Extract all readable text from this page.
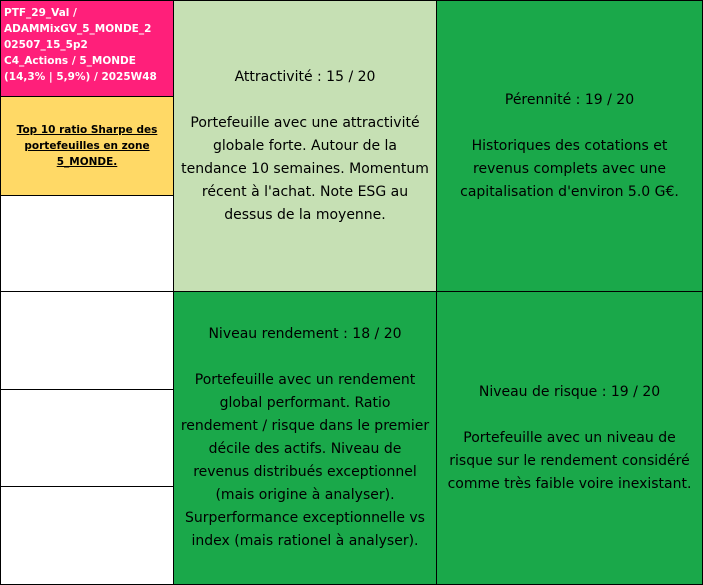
PTF_29_Val /
ADAMMixGV_5_MONDE_2
02507_15_5p2
C4_Actions / 5_MONDE
(14,3% | 5,9%) / 2025W48
Top 10 ratio Sharpe des portefeuilles en zone 5_MONDE.
Attractivité : 15 / 20
Portefeuille avec une attractivité globale forte. Autour de la tendance 10 semaines. Momentum récent à l'achat. Note ESG au dessus de la moyenne.
Pérennité : 19 / 20
Historiques des cotations et revenus complets avec une capitalisation d'environ 5.0 G€.
Niveau rendement : 18 / 20
Portefeuille avec un rendement global performant. Ratio rendement / risque dans le premier décile des actifs. Niveau de revenus distribués exceptionnel (mais origine à analyser). Surperformance exceptionnelle vs index (mais rationel à analyser).
Niveau de risque : 19 / 20
Portefeuille avec un niveau de risque sur le rendement considéré comme très faible voire inexistant.
